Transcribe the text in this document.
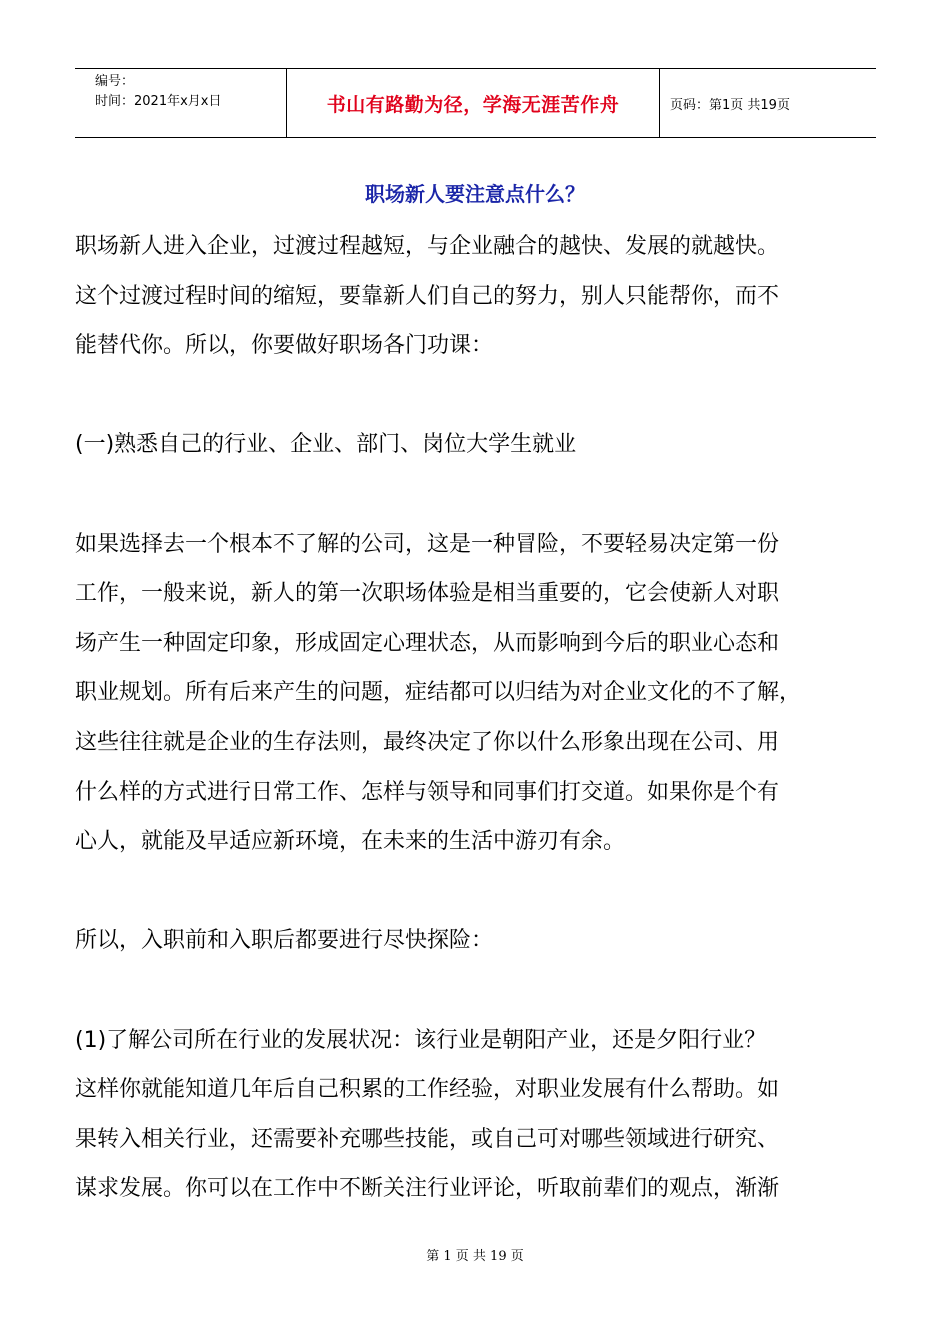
编号：
时间：2021年x月x日	书山有路勤为径，学海无涯苦作舟	页码：第1页 共19页
职场新人要注意点什么？

职场新人进入企业，过渡过程越短，与企业融合的越快、发展的就越快。
这个过渡过程时间的缩短，要靠新人们自己的努力，别人只能帮你，而不
能替代你。所以，你要做好职场各门功课：

(一)熟悉自己的行业、企业、部门、岗位大学生就业

如果选择去一个根本不了解的公司，这是一种冒险，不要轻易决定第一份
工作，一般来说，新人的第一次职场体验是相当重要的，它会使新人对职
场产生一种固定印象，形成固定心理状态，从而影响到今后的职业心态和
职业规划。所有后来产生的问题，症结都可以归结为对企业文化的不了解，
这些往往就是企业的生存法则，最终决定了你以什么形象出现在公司、用
什么样的方式进行日常工作、怎样与领导和同事们打交道。如果你是个有
心人，就能及早适应新环境，在未来的生活中游刃有余。

所以，入职前和入职后都要进行尽快探险：

(1)了解公司所在行业的发展状况：该行业是朝阳产业，还是夕阳行业？
这样你就能知道几年后自己积累的工作经验，对职业发展有什么帮助。如
果转入相关行业，还需要补充哪些技能，或自己可对哪些领域进行研究、
谋求发展。你可以在工作中不断关注行业评论，听取前辈们的观点，渐渐

第 1 页 共 19 页
